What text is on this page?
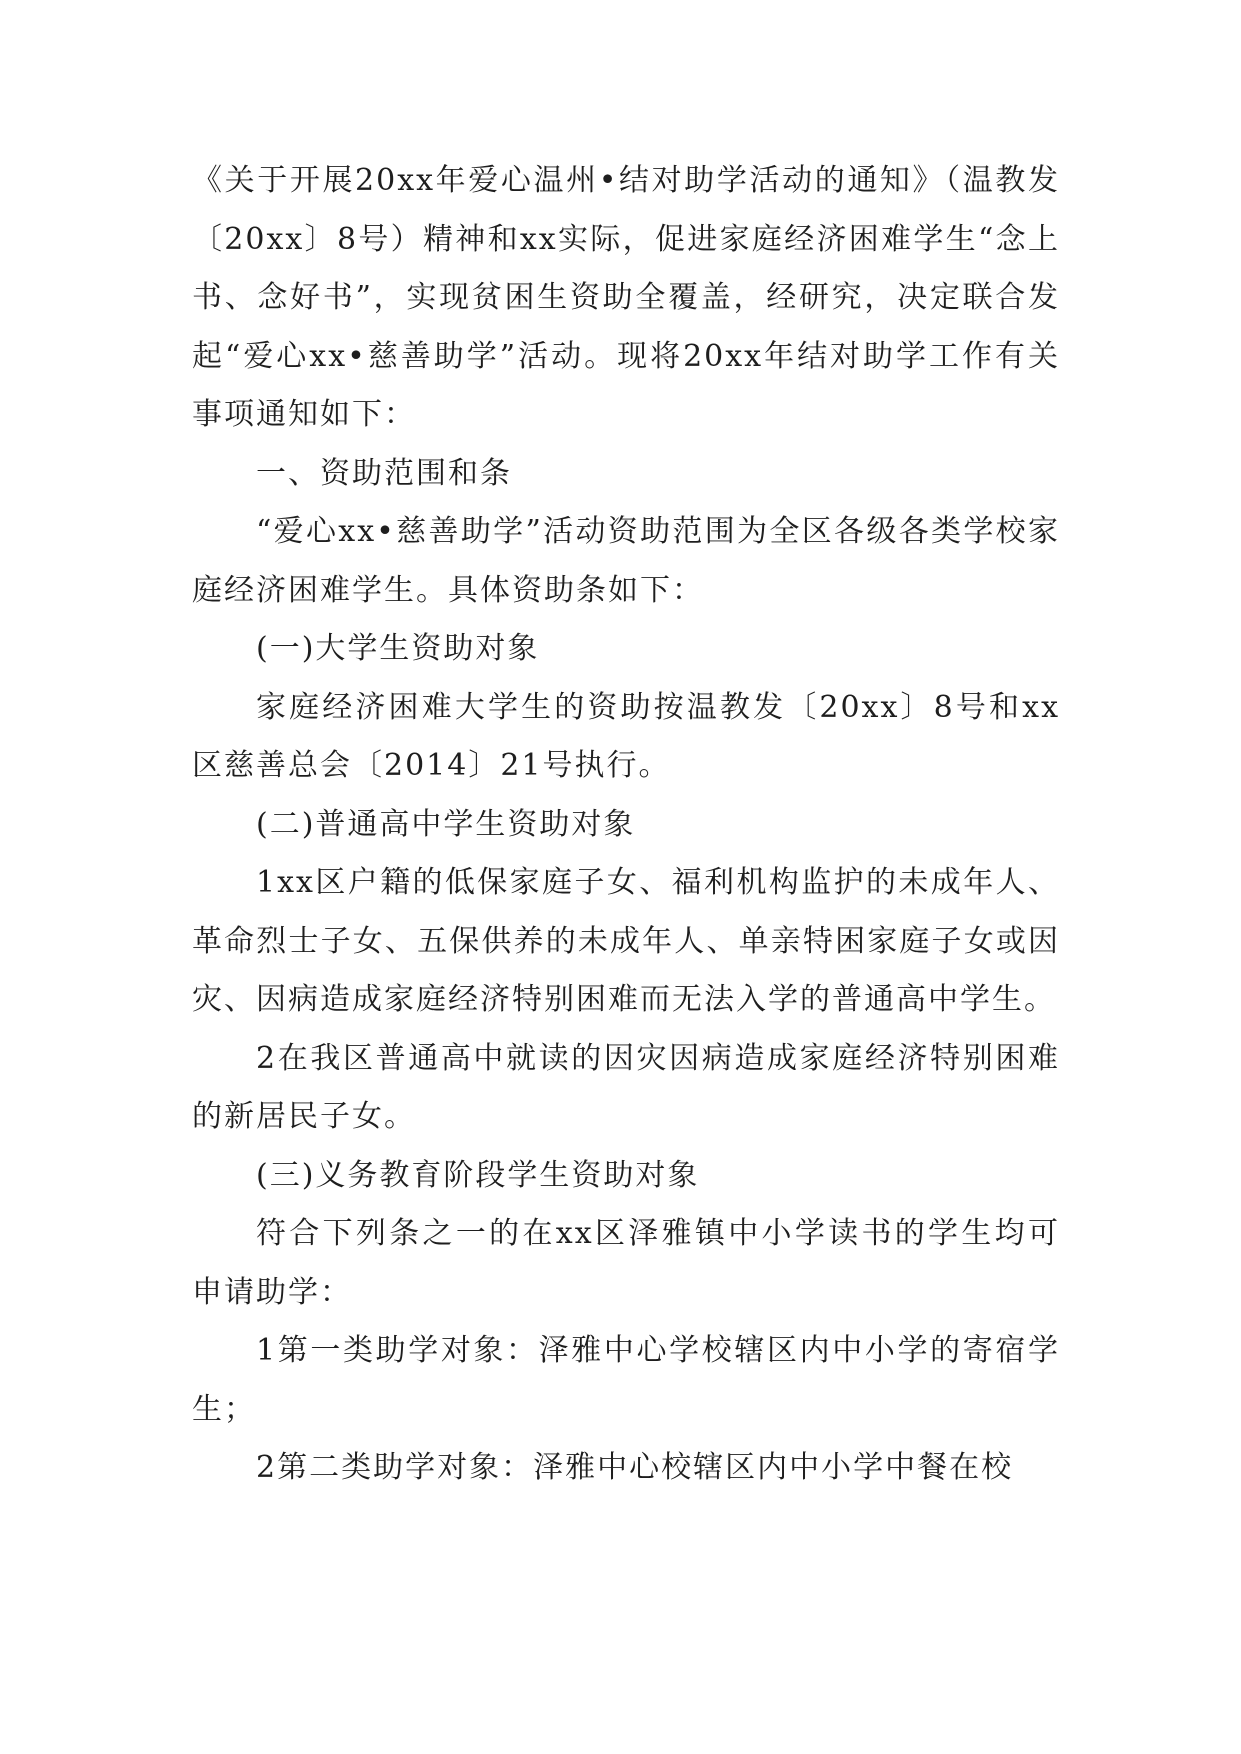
《关于开展20xx年爱心温州•结对助学活动的通知》（温教发〔20xx〕8号）精神和xx实际，促进家庭经济困难学生“念上书、念好书”，实现贫困生资助全覆盖，经研究，决定联合发起“爱心xx•慈善助学”活动。现将20xx年结对助学工作有关事项通知如下：

一、资助范围和条

“爱心xx•慈善助学”活动资助范围为全区各级各类学校家庭经济困难学生。具体资助条如下：

(一)大学生资助对象

家庭经济困难大学生的资助按温教发〔20xx〕8号和xx区慈善总会〔2014〕21号执行。

(二)普通高中学生资助对象

1xx区户籍的低保家庭子女、福利机构监护的未成年人、革命烈士子女、五保供养的未成年人、单亲特困家庭子女或因灾、因病造成家庭经济特别困难而无法入学的普通高中学生。

2在我区普通高中就读的因灾因病造成家庭经济特别困难的新居民子女。

(三)义务教育阶段学生资助对象

符合下列条之一的在xx区泽雅镇中小学读书的学生均可申请助学：

1第一类助学对象：泽雅中心学校辖区内中小学的寄宿学生；

2第二类助学对象：泽雅中心校辖区内中小学中餐在校
